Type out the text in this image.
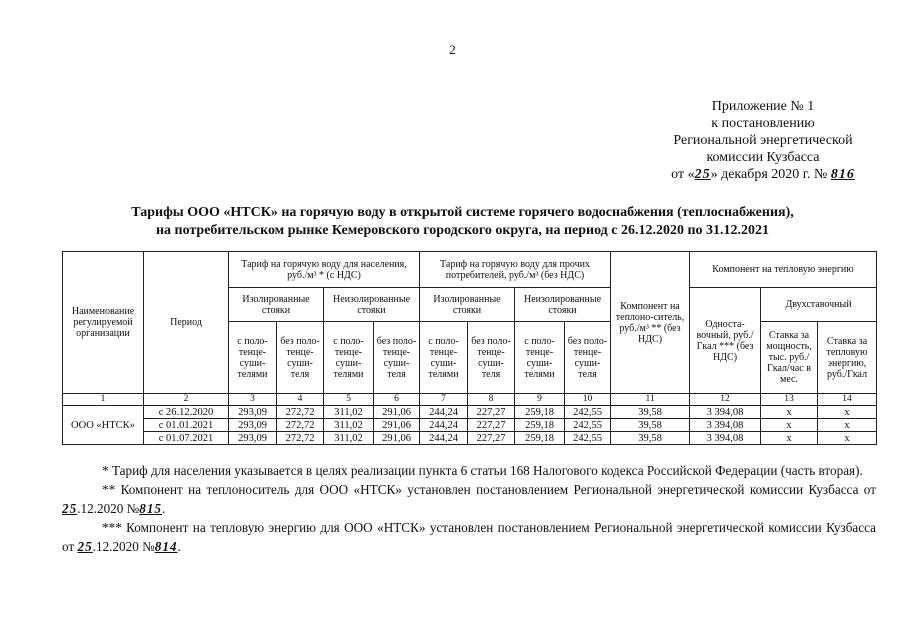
2
Приложение № 1
к постановлению
Региональной энергетической
комиссии Кузбасса
от «25» декабря 2020 г. № 816
Тарифы ООО «НТСК» на горячую воду в открытой системе горячего водоснабжения (теплоснабжения),
на потребительском рынке Кемеровского городского округа, на период с 26.12.2020 по 31.12.2021
Наименование регулируемой организации	Период	Тариф на горячую воду для населения, руб./м³ * (с НДС)				Тариф на горячую воду для прочих потребителей, руб./м³ (без НДС)				Компонент на теплоно-ситель, руб./м³ ** (без НДС)	Компонент на тепловую энергию		
		Изолированные стояки		Неизолированные стояки		Изолированные стояки		Неизолированные стояки			Односта-вочный, руб./Гкал *** (без НДС)	Двухставочный	
		с поло-тенце-суши-телями	без поло-тенце-суши-теля	с поло-тенце-суши-телями	без поло-тенце-суши-теля	с поло-тенце-суши-телями	без поло-тенце-суши-теля	с поло-тенце-суши-телями	без поло-тенце-суши-теля			Ставка за мощность, тыс. руб./Гкал/час в мес.	Ставка за тепловую энергию, руб./Гкал
1	2	3	4	5	6	7	8	9	10	11	12	13	14
ООО «НТСК»	с 26.12.2020	293,09	272,72	311,02	291,06	244,24	227,27	259,18	242,55	39,58	3 394,08	х	х
	с 01.01.2021	293,09	272,72	311,02	291,06	244,24	227,27	259,18	242,55	39,58	3 394,08	х	х
	с 01.07.2021	293,09	272,72	311,02	291,06	244,24	227,27	259,18	242,55	39,58	3 394,08	х	х

* Тариф для населения указывается в целях реализации пункта 6 статьи 168 Налогового кодекса Российской Федерации (часть вторая).

** Компонент на теплоноситель для ООО «НТСК» установлен постановлением Региональной энергетической комиссии Кузбасса от 25.12.2020 №815.

*** Компонент на тепловую энергию для ООО «НТСК» установлен постановлением Региональной энергетической комиссии Кузбасса от 25.12.2020 №814.
